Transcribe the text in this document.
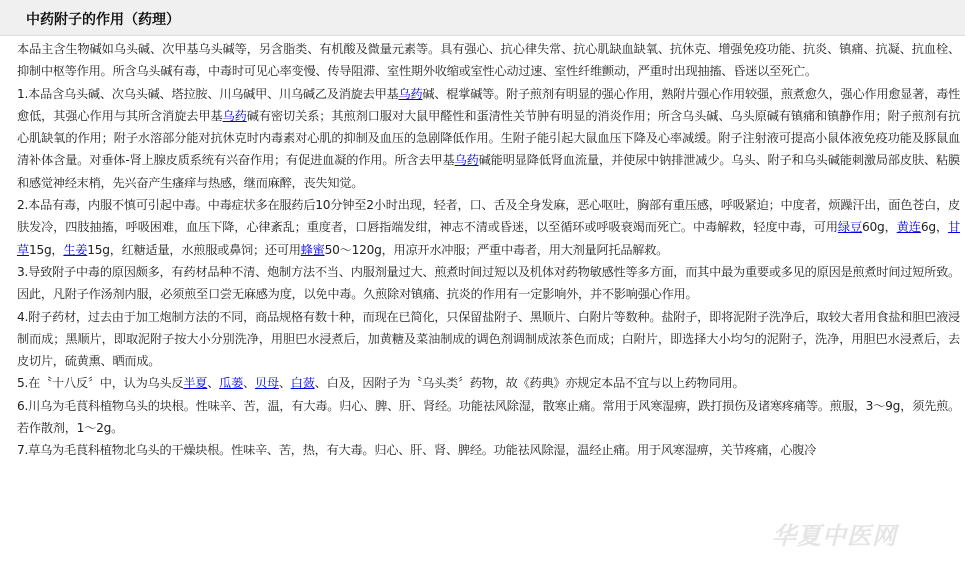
中药附子的作用（药理）

本品主含生物碱如乌头碱、次甲基乌头碱等，另含脂类、有机酸及微量元素等。具有强心、抗心律失常、抗心肌缺血缺氧、抗休克、增强免疫功能、抗炎、镇痛、抗凝、抗血栓、抑制中枢等作用。所含乌头碱有毒，中毒时可见心率变慢、传导阻滞、室性期外收缩或室性心动过速、室性纤维颤动，严重时出现抽搐、昏迷以至死亡。

1.本品含乌头碱、次乌头碱、塔拉胺、川乌碱甲、川乌碱乙及消旋去甲基乌药碱、棍掌碱等。附子煎剂有明显的强心作用，熟附片强心作用较强，煎煮愈久，强心作用愈显著，毒性愈低，其强心作用与其所含消旋去甲基乌药碱有密切关系；其煎剂口服对大鼠甲醛性和蛋清性关节肿有明显的消炎作用；所含乌头碱、乌头原碱有镇痛和镇静作用；附子煎剂有抗心肌缺氧的作用；附子水溶部分能对抗休克时内毒素对心肌的抑制及血压的急剧降低作用。生附子能引起大鼠血压下降及心率减缓。附子注射液可提高小鼠体液免疫功能及豚鼠血清补体含量。对垂体-肾上腺皮质系统有兴奋作用；有促进血凝的作用。所含去甲基乌药碱能明显降低肾血流量，并使尿中钠排泄减少。乌头、附子和乌头碱能刺激局部皮肤、粘膜和感觉神经末梢，先兴奋产生瘙痒与热感，继而麻醉，丧失知觉。

2.本品有毒，内服不慎可引起中毒。中毒症状多在服药后10分钟至2小时出现，轻者，口、舌及全身发麻，恶心呕吐，胸部有重压感，呼吸紧迫；中度者，烦躁汗出，面色苍白，皮肤发冷，四肢抽搐，呼吸困难，血压下降，心律紊乱；重度者，口唇指端发绀，神志不清或昏迷，以至循环或呼吸衰竭而死亡。中毒解救，轻度中毒，可用绿豆60g，黄连6g，甘草15g，生姜15g，红糖适量，水煎服或鼻饲；还可用蜂蜜50～120g，用凉开水冲服；严重中毒者，用大剂量阿托品解救。

3.导致附子中毒的原因颇多，有药材品种不清、炮制方法不当、内服剂量过大、煎煮时间过短以及机体对药物敏感性等多方面，而其中最为重要或多见的原因是煎煮时间过短所致。因此，凡附子作汤剂内服，必须煎至口尝无麻感为度，以免中毒。久煎除对镇痛、抗炎的作用有一定影响外，并不影响强心作用。

4.附子药材，过去由于加工炮制方法的不同，商品规格有数十种，而现在已简化，只保留盐附子、黑顺片、白附片等数种。盐附子，即将泥附子洗净后，取较大者用食盐和胆巴液浸制而成；黑顺片，即取泥附子按大小分别洗净，用胆巴水浸煮后，加黄糖及菜油制成的调色剂调制成浓茶色而成；白附片，即选择大小均匀的泥附子，洗净，用胆巴水浸煮后，去皮切片，硫黄熏、晒而成。

5.在〝十八反〞中，认为乌头反半夏、瓜蒌、贝母、白蔹、白及，因附子为〝乌头类〞药物，故《药典》亦规定本品不宜与以上药物同用。

6.川乌为毛茛科植物乌头的块根。性味辛、苦，温，有大毒。归心、脾、肝、肾经。功能祛风除湿，散寒止痛。常用于风寒湿痹，跌打损伤及诸寒疼痛等。煎服，3～9g，须先煎。若作散剂，1～2g。

7.草乌为毛茛科植物北乌头的干燥块根。性味辛、苦，热，有大毒。归心、肝、肾、脾经。功能祛风除湿，温经止痛。用于风寒湿痹，关节疼痛，心腹冷

华夏中医网
